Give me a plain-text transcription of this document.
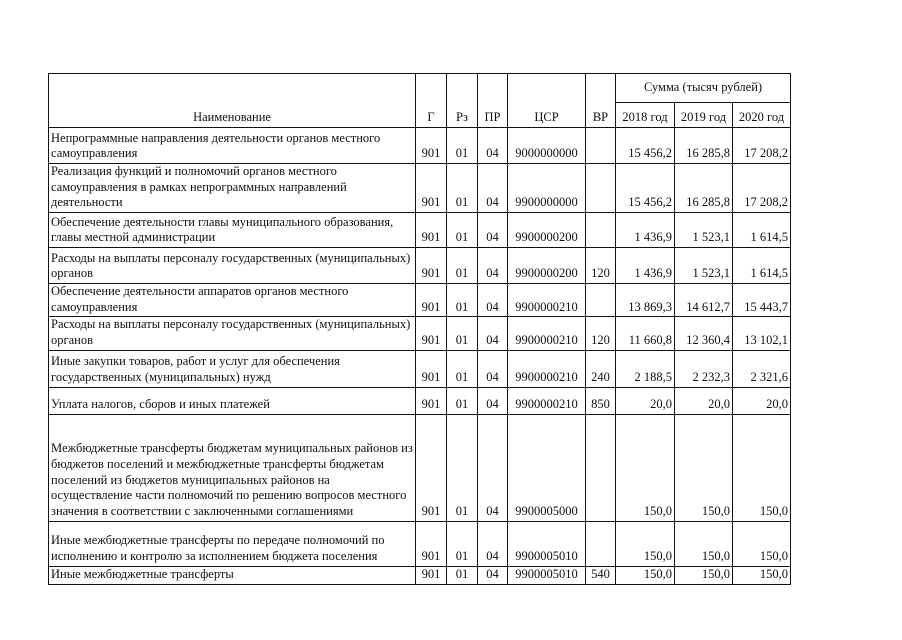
Наименование	Г	Рз	ПР	ЦСР	ВР	Сумма (тысяч рублей)		
						2018 год	2019 год	2020 год
Непрограммные направления деятельности органов местного самоуправления	901	01	04	9000000000		15 456,2	16 285,8	17 208,2
Реализация функций и полномочий органов местного самоуправления в рамках непрограммных направлений деятельности	901	01	04	9900000000		15 456,2	16 285,8	17 208,2
Обеспечение деятельности главы муниципального образования, главы местной администрации	901	01	04	9900000200		1 436,9	1 523,1	1 614,5
Расходы на выплаты персоналу государственных (муниципальных) органов	901	01	04	9900000200	120	1 436,9	1 523,1	1 614,5
Обеспечение деятельности аппаратов органов местного самоуправления	901	01	04	9900000210		13 869,3	14 612,7	15 443,7
Расходы на выплаты персоналу государственных (муниципальных) органов	901	01	04	9900000210	120	11 660,8	12 360,4	13 102,1
Иные закупки товаров, работ и услуг для обеспечения государственных (муниципальных) нужд	901	01	04	9900000210	240	2 188,5	2 232,3	2 321,6
Уплата налогов, сборов и иных платежей	901	01	04	9900000210	850	20,0	20,0	20,0
Межбюджетные трансферты бюджетам муниципальных районов из бюджетов поселений и межбюджетные трансферты бюджетам поселений из бюджетов муниципальных районов на осуществление части полномочий по решению вопросов местного значения в соответствии с заключенными соглашениями	901	01	04	9900005000		150,0	150,0	150,0
Иные межбюджетные трансферты по передаче полномочий по исполнению и контролю за исполнением бюджета поселения	901	01	04	9900005010		150,0	150,0	150,0
Иные межбюджетные трансферты	901	01	04	9900005010	540	150,0	150,0	150,0
